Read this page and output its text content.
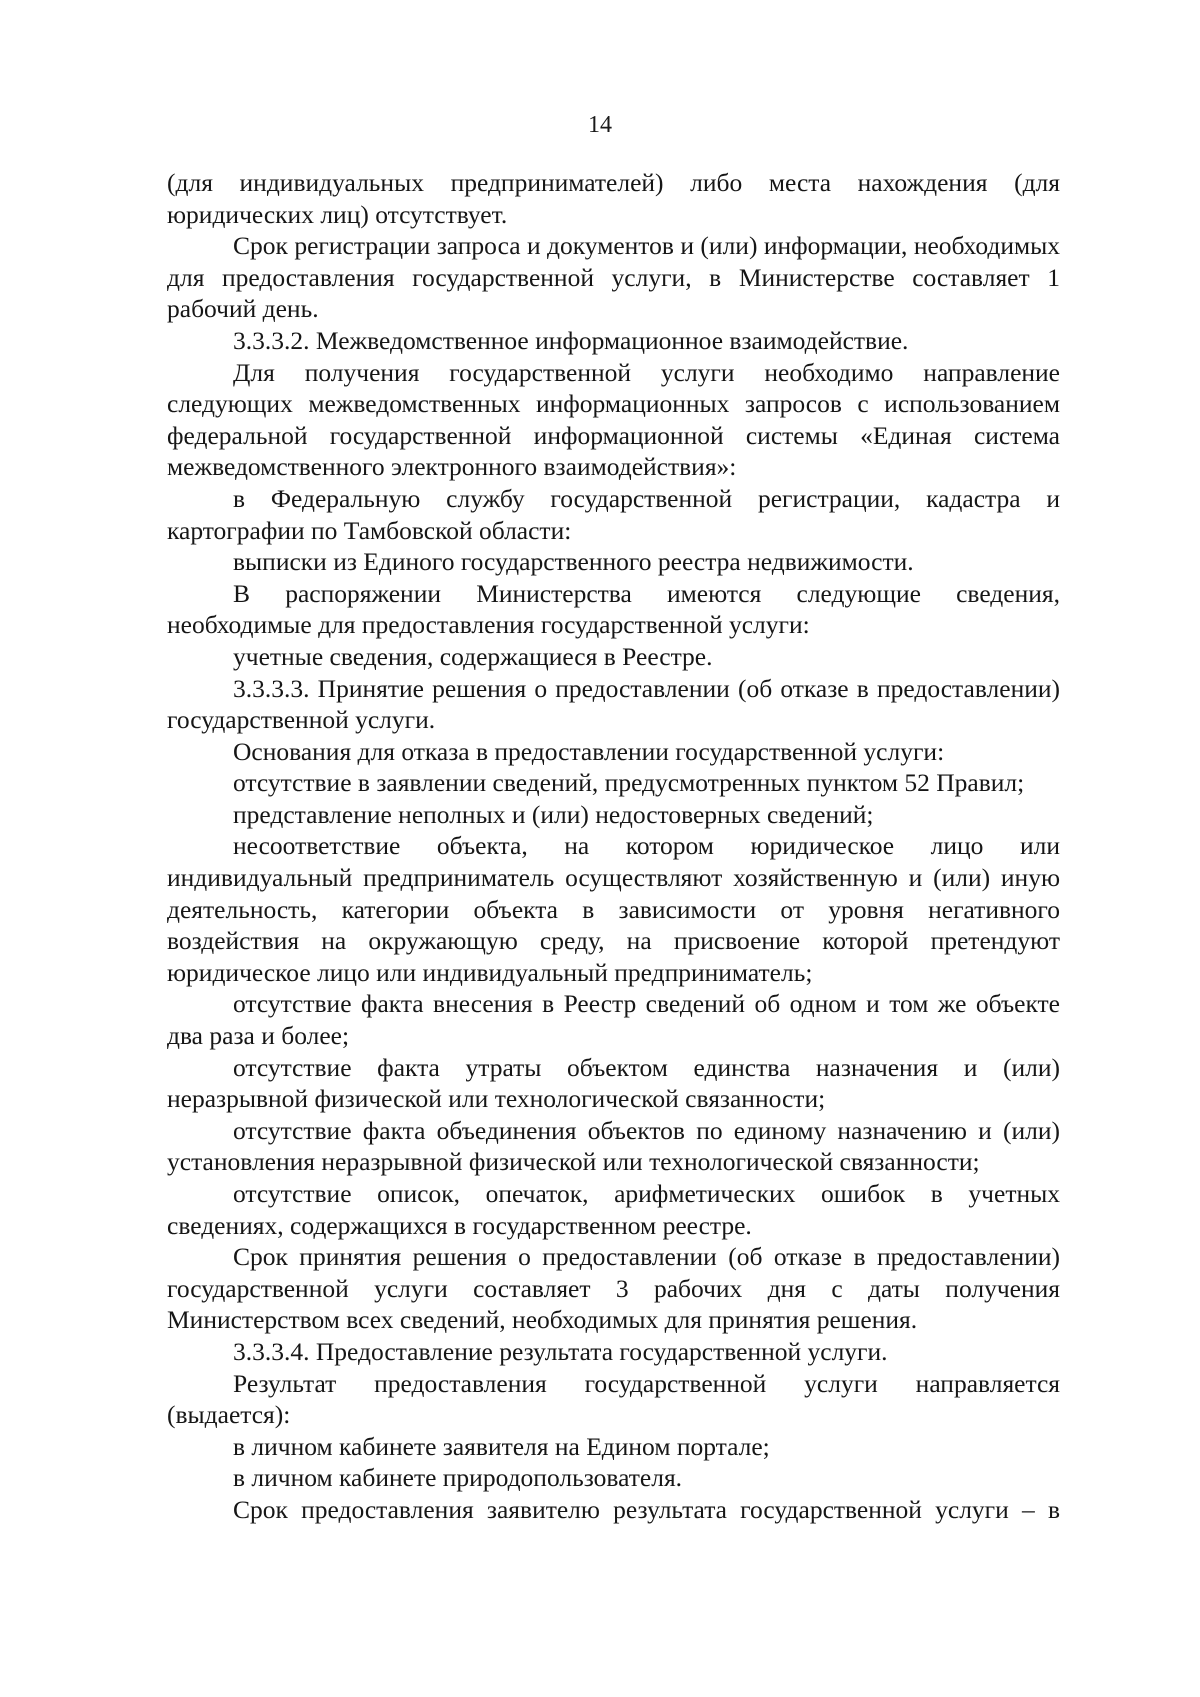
14

(для индивидуальных предпринимателей) либо места нахождения (для юридических лиц) отсутствует.

Срок регистрации запроса и документов и (или) информации, необходимых для предоставления государственной услуги, в Министерстве составляет 1 рабочий день.

3.3.3.2. Межведомственное информационное взаимодействие.

Для получения государственной услуги необходимо направление следующих межведомственных информационных запросов с использованием федеральной государственной информационной системы «Единая система межведомственного электронного взаимодействия»:

в Федеральную службу государственной регистрации, кадастра и картографии по Тамбовской области:

выписки из Единого государственного реестра недвижимости.

В распоряжении Министерства имеются следующие сведения, необходимые для предоставления государственной услуги:

учетные сведения, содержащиеся в Реестре.

3.3.3.3. Принятие решения о предоставлении (об отказе в предоставлении) государственной услуги.

Основания для отказа в предоставлении государственной услуги:

отсутствие в заявлении сведений, предусмотренных пунктом 52 Правил;

представление неполных и (или) недостоверных сведений;

несоответствие объекта, на котором юридическое лицо или индивидуальный предприниматель осуществляют хозяйственную и (или) иную деятельность, категории объекта в зависимости от уровня негативного воздействия на окружающую среду, на присвоение которой претендуют юридическое лицо или индивидуальный предприниматель;

отсутствие факта внесения в Реестр сведений об одном и том же объекте два раза и более;

отсутствие факта утраты объектом единства назначения и (или) неразрывной физической или технологической связанности;

отсутствие факта объединения объектов по единому назначению и (или) установления неразрывной физической или технологической связанности;

отсутствие описок, опечаток, арифметических ошибок в учетных сведениях, содержащихся в государственном реестре.

Срок принятия решения о предоставлении (об отказе в предоставлении) государственной услуги составляет 3 рабочих дня с даты получения Министерством всех сведений, необходимых для принятия решения.

3.3.3.4. Предоставление результата государственной услуги.

Результат предоставления государственной услуги направляется (выдается):

в личном кабинете заявителя на Едином портале;

в личном кабинете природопользователя.

Срок предоставления заявителю результата государственной услуги – в
